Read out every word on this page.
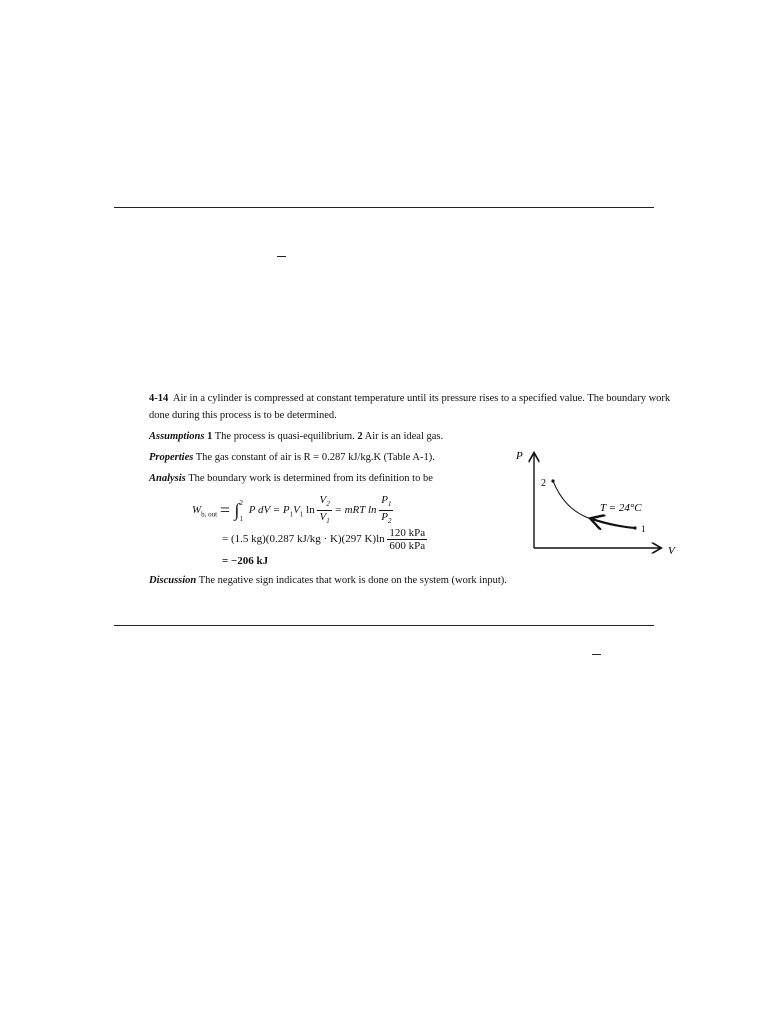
4-14 Air in a cylinder is compressed at constant temperature until its pressure rises to a specified value. The boundary work
done during this process is to be determined.
Assumptions 1 The process is quasi-equilibrium. 2 Air is an ideal gas.
Properties The gas constant of air is R = 0.287 kJ/kg.K (Table A-1).
Analysis The boundary work is determined from its definition to be
$W_{b, out}$ = ∫ 2
1
P dV = $P_1V_1$ $\ln \frac{V_2}{V_1}$ = mRT $\ln \frac{P_1}{P_2}$
= (1.5 kg)(0.287 kJ/kg · K)(297 $K)\ln \frac{\text{120 kPa}}{\text{600 kPa}}$
= −206 kJ
Discussion The negative sign indicates that work is done on the system (work input).
P
V
2
1
T = 24°C
